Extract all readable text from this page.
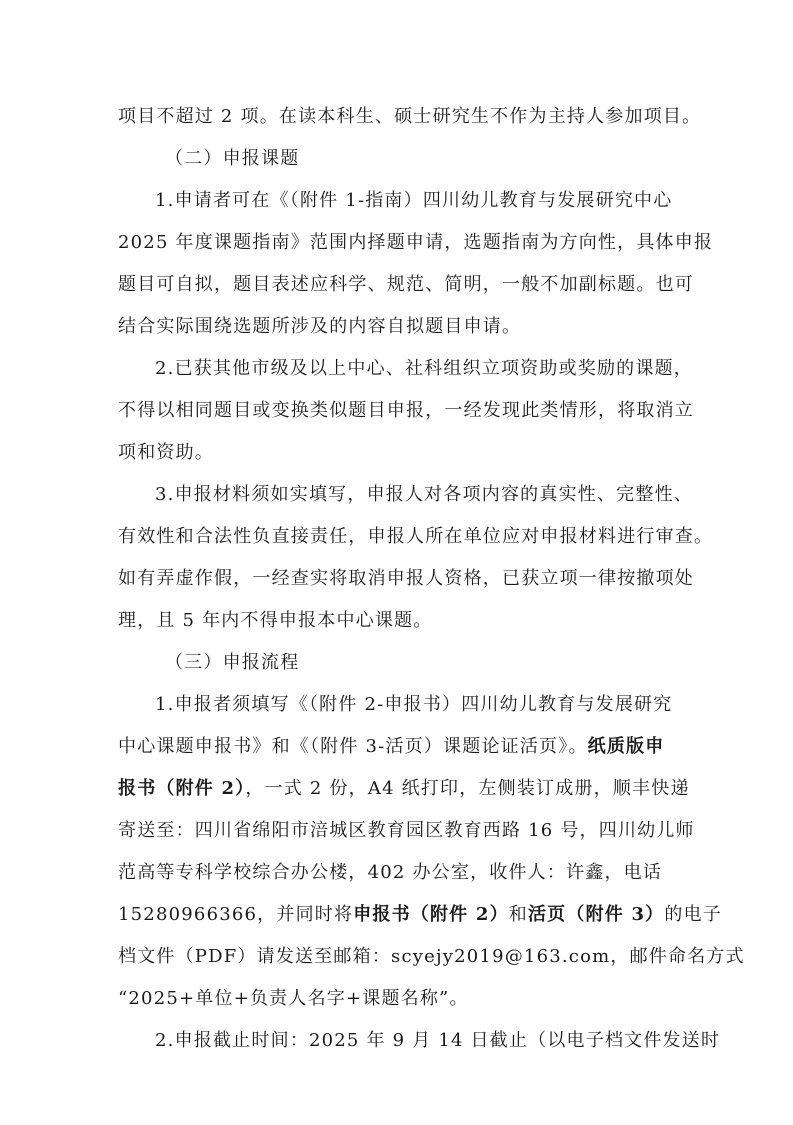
项目不超过 2 项。在读本科生、硕士研究生不作为主持人参加项目。
（二）申报课题
1.申请者可在《（附件 1-指南）四川幼儿教育与发展研究中心
2025 年度课题指南》范围内择题申请，选题指南为方向性，具体申报
题目可自拟，题目表述应科学、规范、简明，一般不加副标题。也可
结合实际围绕选题所涉及的内容自拟题目申请。
2.已获其他市级及以上中心、社科组织立项资助或奖励的课题，
不得以相同题目或变换类似题目申报，一经发现此类情形，将取消立
项和资助。
3.申报材料须如实填写，申报人对各项内容的真实性、完整性、
有效性和合法性负直接责任，申报人所在单位应对申报材料进行审查。
如有弄虚作假，一经查实将取消申报人资格，已获立项一律按撤项处
理，且 5 年内不得申报本中心课题。
（三）申报流程
1.申报者须填写《（附件 2-申报书）四川幼儿教育与发展研究
中心课题申报书》和《（附件 3-活页）课题论证活页》。纸质版申
报书（附件 2），一式 2 份，A4 纸打印，左侧装订成册，顺丰快递
寄送至：四川省绵阳市涪城区教育园区教育西路 16 号，四川幼儿师
范高等专科学校综合办公楼，402 办公室，收件人：许鑫，电话
15280966366，并同时将申报书（附件 2）和活页（附件 3）的电子
档文件（PDF）请发送至邮箱：scyejy2019@163.com，邮件命名方式
“2025+单位+负责人名字+课题名称”。
2.申报截止时间：2025 年 9 月 14 日截止（以电子档文件发送时
